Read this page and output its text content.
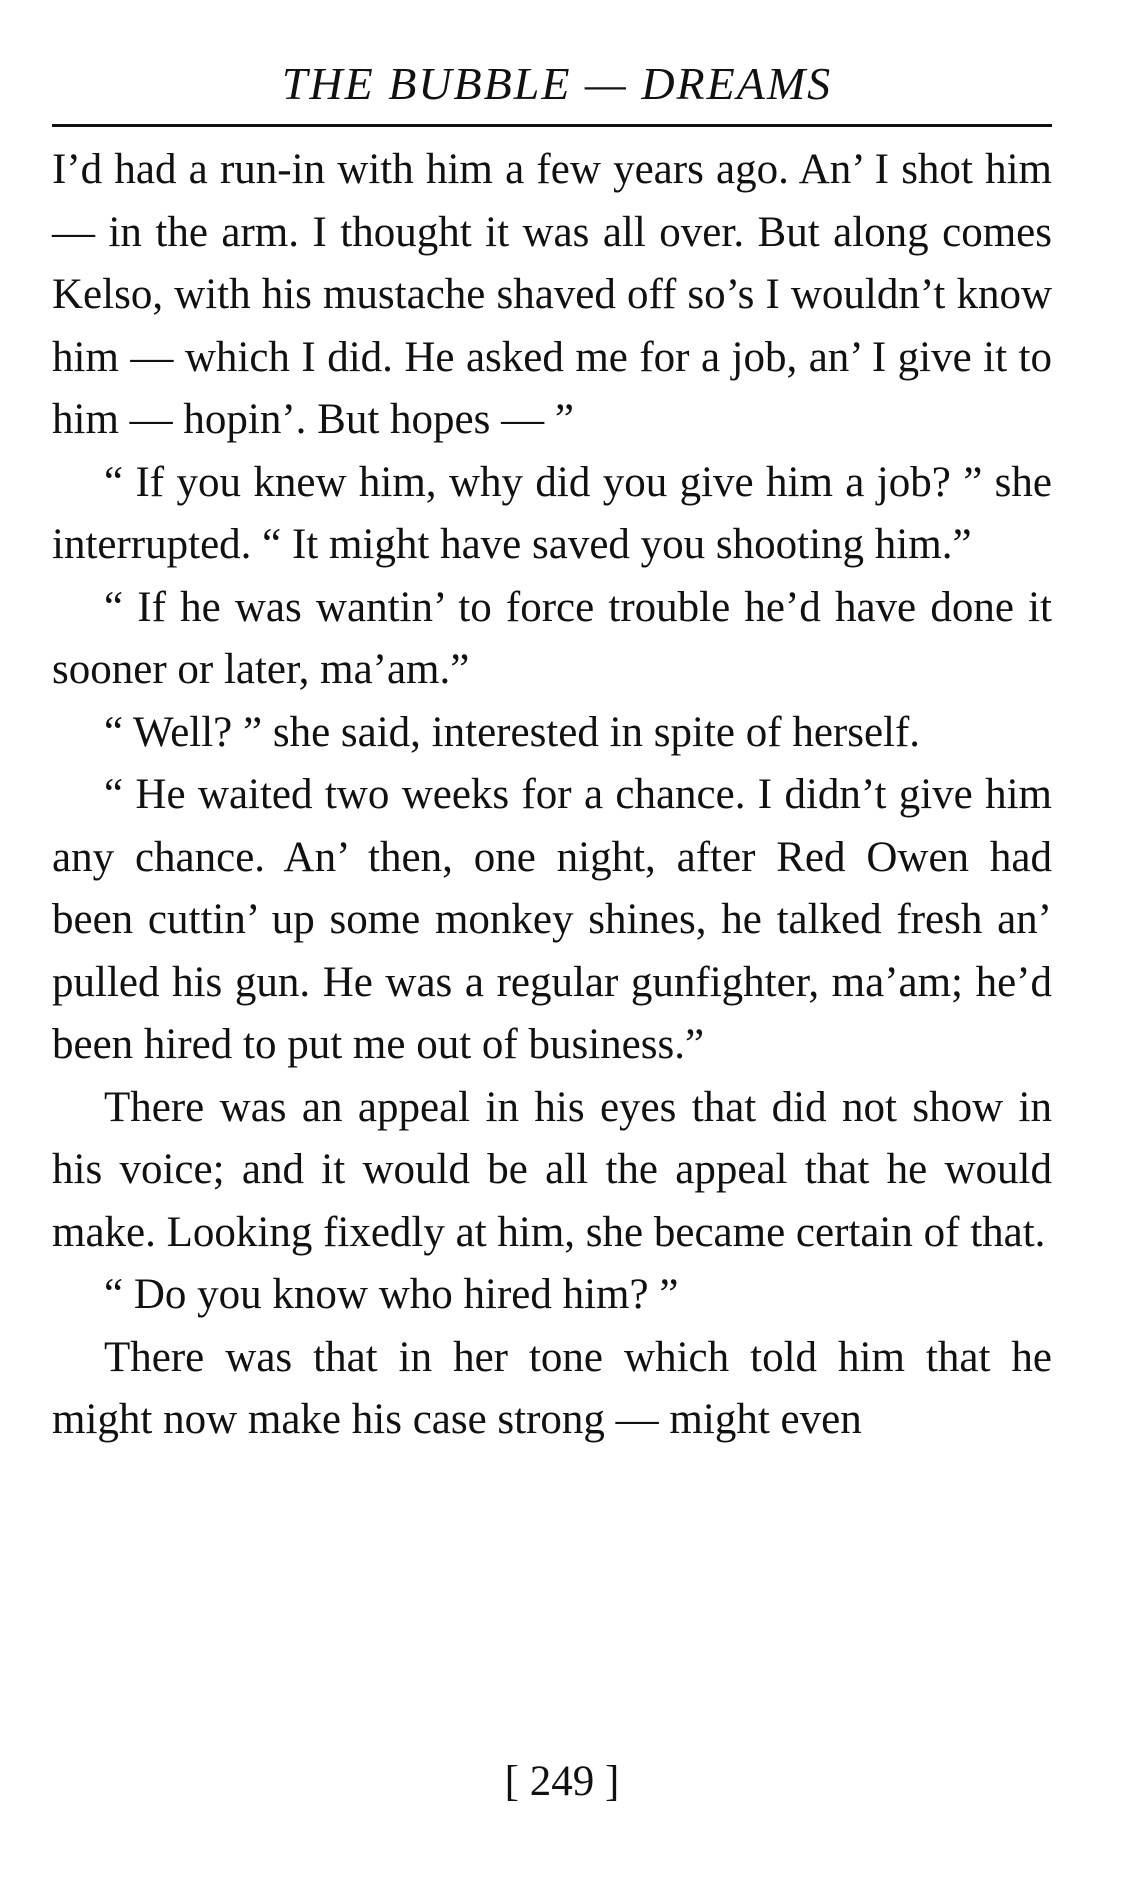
THE BUBBLE — DREAMS

I’d had a run-in with him a few years ago. An’ I shot him — in the arm. I thought it was all over. But along comes Kelso, with his mustache shaved off so’s I wouldn’t know him — which I did. He asked me for a job, an’ I give it to him — hopin’. But hopes — ”

“ If you knew him, why did you give him a job? ” she interrupted. “ It might have saved you shooting him.”

“ If he was wantin’ to force trouble he’d have done it sooner or later, ma’am.”

“ Well? ” she said, interested in spite of herself.

“ He waited two weeks for a chance. I didn’t give him any chance. An’ then, one night, after Red Owen had been cuttin’ up some monkey shines, he talked fresh an’ pulled his gun. He was a regular gunfighter, ma’am; he’d been hired to put me out of business.”

There was an appeal in his eyes that did not show in his voice; and it would be all the appeal that he would make. Looking fixedly at him, she became certain of that.

“ Do you know who hired him? ”

There was that in her tone which told him that he might now make his case strong — might even

[ 249 ]
